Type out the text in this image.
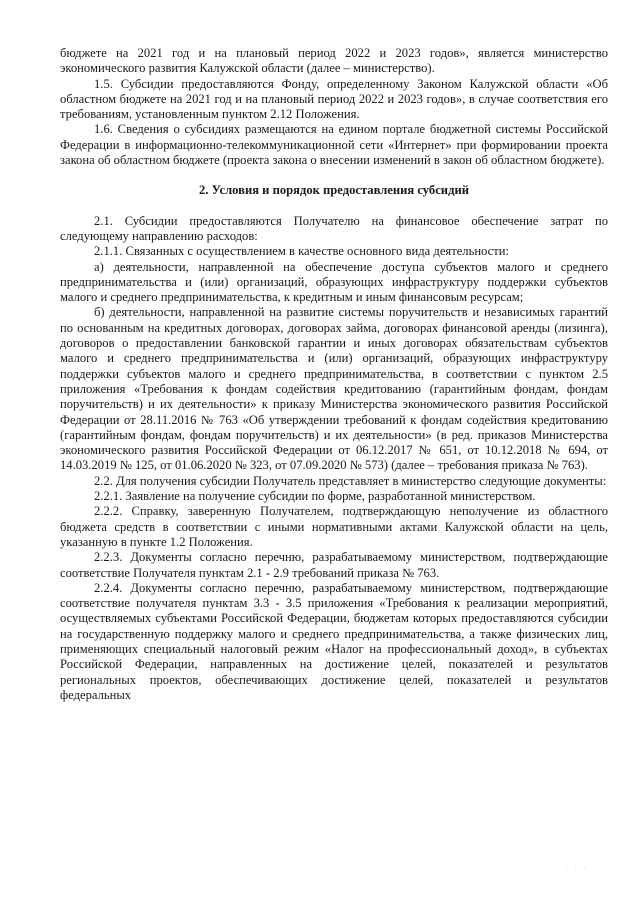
бюджете на 2021 год и на плановый период 2022 и 2023 годов», является министерство экономического развития Калужской области (далее – министерство).

1.5. Субсидии предоставляются Фонду, определенному Законом Калужской области «Об областном бюджете на 2021 год и на плановый период 2022 и 2023 годов», в случае соответствия его требованиям, установленным пунктом 2.12 Положения.

1.6. Сведения о субсидиях размещаются на едином портале бюджетной системы Российской Федерации в информационно-телекоммуникационной сети «Интернет» при формировании проекта закона об областном бюджете (проекта закона о внесении изменений в закон об областном бюджете).

2. Условия и порядок предоставления субсидий

2.1. Субсидии предоставляются Получателю на финансовое обеспечение затрат по следующему направлению расходов:

2.1.1. Связанных с осуществлением в качестве основного вида деятельности:

а) деятельности, направленной на обеспечение доступа субъектов малого и среднего предпринимательства и (или) организаций, образующих инфраструктуру поддержки субъектов малого и среднего предпринимательства, к кредитным и иным финансовым ресурсам;

б) деятельности, направленной на развитие системы поручительств и независимых гарантий по основанным на кредитных договорах, договорах займа, договорах финансовой аренды (лизинга), договоров о предоставлении банковской гарантии и иных договорах обязательствам субъектов малого и среднего предпринимательства и (или) организаций, образующих инфраструктуру поддержки субъектов малого и среднего предпринимательства, в соответствии с пунктом 2.5 приложения «Требования к фондам содействия кредитованию (гарантийным фондам, фондам поручительств) и их деятельности» к приказу Министерства экономического развития Российской Федерации от 28.11.2016 № 763 «Об утверждении требований к фондам содействия кредитованию (гарантийным фондам, фондам поручительств) и их деятельности» (в ред. приказов Министерства экономического развития Российской Федерации от 06.12.2017 № 651, от 10.12.2018 № 694, от 14.03.2019 № 125, от 01.06.2020 № 323, от 07.09.2020 № 573) (далее – требования приказа № 763).

2.2. Для получения субсидии Получатель представляет в министерство следующие документы:

2.2.1. Заявление на получение субсидии по форме, разработанной министерством.

2.2.2. Справку, заверенную Получателем, подтверждающую неполучение из областного бюджета средств в соответствии с иными нормативными актами Калужской области на цель, указанную в пункте 1.2 Положения.

2.2.3. Документы согласно перечню, разрабатываемому министерством, подтверждающие соответствие Получателя пунктам 2.1 - 2.9 требований приказа № 763.

2.2.4. Документы согласно перечню, разрабатываемому министерством, подтверждающие соответствие получателя пунктам 3.3 - 3.5 приложения «Требования к реализации мероприятий, осуществляемых субъектами Российской Федерации, бюджетам которых предоставляются субсидии на государственную поддержку малого и среднего предпринимательства, а также физических лиц, применяющих специальный налоговый режим «Налог на профессиональный доход», в субъектах Российской Федерации, направленных на достижение целей, показателей и результатов региональных проектов, обеспечивающих достижение целей, показателей и результатов федеральных

· · ·
